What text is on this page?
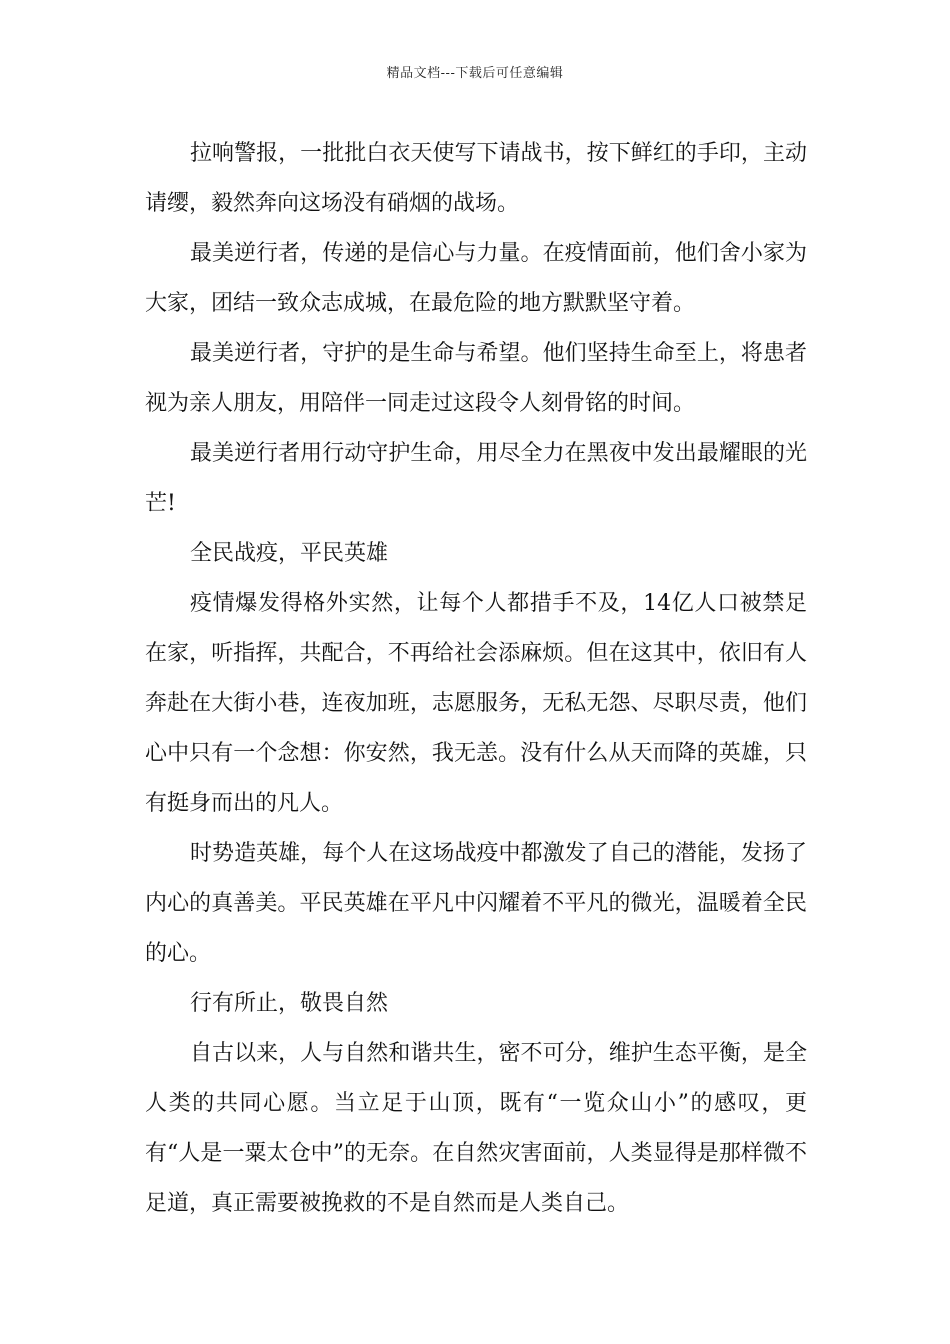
精品文档---下载后可任意编辑

拉响警报，一批批白衣天使写下请战书，按下鲜红的手印，主动请缨，毅然奔向这场没有硝烟的战场。

最美逆行者，传递的是信心与力量。在疫情面前，他们舍小家为大家，团结一致众志成城，在最危险的地方默默坚守着。

最美逆行者，守护的是生命与希望。他们坚持生命至上，将患者视为亲人朋友，用陪伴一同走过这段令人刻骨铭的时间。

最美逆行者用行动守护生命，用尽全力在黑夜中发出最耀眼的光芒!

全民战疫，平民英雄

疫情爆发得格外实然，让每个人都措手不及，14亿人口被禁足在家，听指挥，共配合，不再给社会添麻烦。但在这其中，依旧有人奔赴在大街小巷，连夜加班，志愿服务，无私无怨、尽职尽责，他们心中只有一个念想：你安然，我无恙。没有什么从天而降的英雄，只有挺身而出的凡人。

时势造英雄，每个人在这场战疫中都激发了自己的潜能，发扬了内心的真善美。平民英雄在平凡中闪耀着不平凡的微光，温暖着全民的心。

行有所止，敬畏自然

自古以来，人与自然和谐共生，密不可分，维护生态平衡，是全人类的共同心愿。当立足于山顶，既有“一览众山小”的感叹，更有“人是一粟太仓中”的无奈。在自然灾害面前，人类显得是那样微不足道，真正需要被挽救的不是自然而是人类自己。
